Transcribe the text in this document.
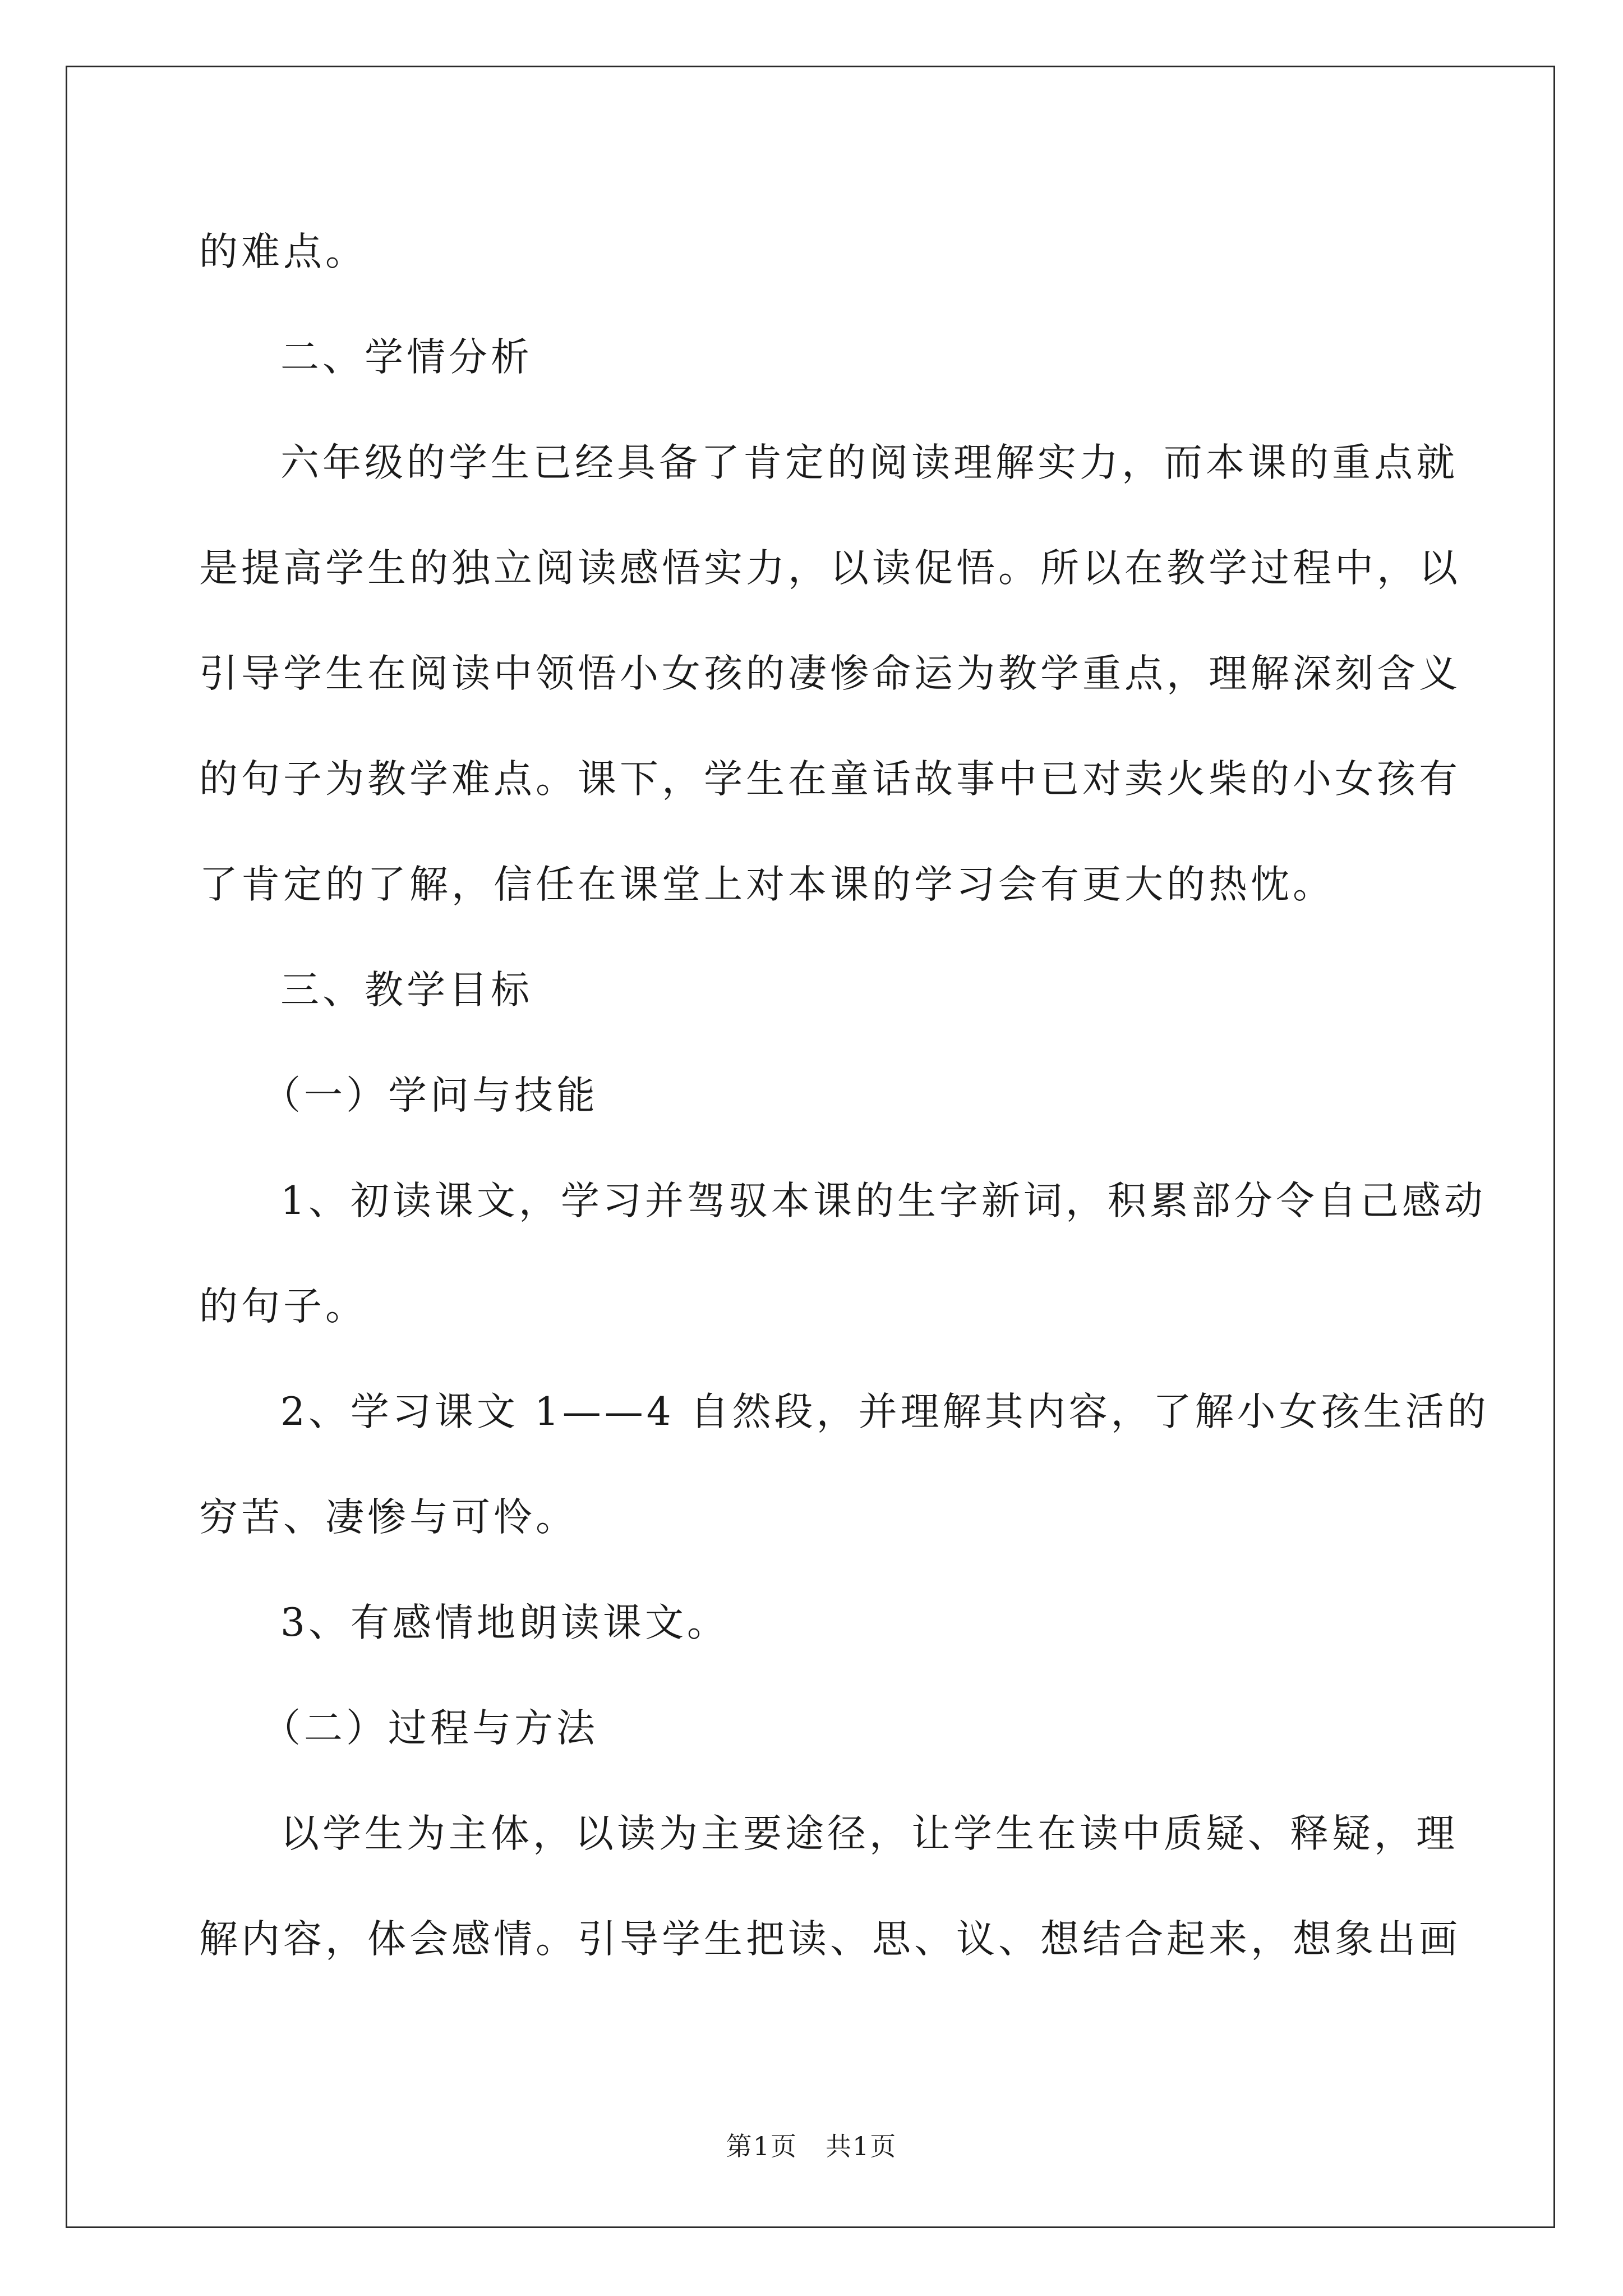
的难点。

二、学情分析

六年级的学生已经具备了肯定的阅读理解实力，而本课的重点就

是提高学生的独立阅读感悟实力，以读促悟。所以在教学过程中，以

引导学生在阅读中领悟小女孩的凄惨命运为教学重点，理解深刻含义

的句子为教学难点。课下，学生在童话故事中已对卖火柴的小女孩有

了肯定的了解，信任在课堂上对本课的学习会有更大的热忱。

三、教学目标

（一）学问与技能

1、初读课文，学习并驾驭本课的生字新词，积累部分令自己感动

的句子。

2、学习课文 1——4 自然段，并理解其内容，了解小女孩生活的

穷苦、凄惨与可怜。

3、有感情地朗读课文。

（二）过程与方法

以学生为主体，以读为主要途径，让学生在读中质疑、释疑，理

解内容，体会感情。引导学生把读、思、议、想结合起来，想象出画

第1页 共1页
